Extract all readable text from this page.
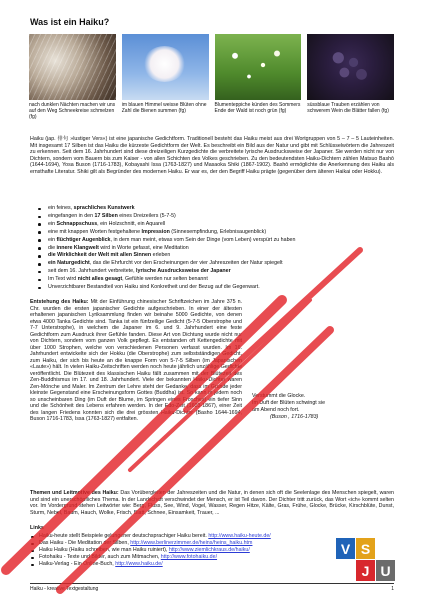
Was ist ein Haiku?
nach dunklen Nächten machen wir uns auf den Weg Schneekreise schmelzen (fg)
im blauen Himmel weisse Blüten ohne Zahl die Bienen summen (fg)
Blumenteppiche künden des Sommers Ende der Wald ist noch grün (fg)
süssblaue Trauben erzählen von schwerem Wein die Blätter fallen (fg)
Haiku (jap. 俳句 »lustiger Vers«) ist eine japanische Gedichtform. Traditionell besteht das Haiku meist aus drei Wortgruppen von 5 – 7 – 5 Lauteinheiten. Mit insgesamt 17 Silben ist das Haiku die kürzeste Gedichtform der Welt. Es beschreibt ein Bild aus der Natur und gibt mit Schlüsselwörtern die Jahreszeit zu erkennen. Seit dem 16. Jahrhundert sind diese dreizeiligen Kurzgedichte die verbreitete lyrische Ausdrucksweise der Japaner. Sie werden nicht nur von Dichtern, sondern vom Bauern bis zum Kaiser - von allen Schichten des Volkes geschrieben. Zu den bedeutendsten Haiku-Dichtern zählen Matsuo Bashō (1644-1694), Yosa Buson (1716-1783), Kobayashi Issa (1763-1827) und Masaoka Shiki (1867-1902). Bashō ermöglichte die Anerkennung des Haiku als ernsthafte Literatur. Shiki gilt als Begründer des modernen Haiku. Er war es, der den Begriff Haiku prägte (gegenüber dem älteren Haikai oder Hokku).
ein feines, sprachliches Kunstwerk
eingefangen in den 17 Silben eines Dreizeilers (5-7-5)
ein Schnappschuss, ein Holzschnitt, ein Aquarell
eine mit knappen Worten festgehaltene Impression (Sinnesempfindung, Erlebnisaugenblick)
ein flüchtiger Augenblick, in dem man meint, etwas vom Sein der Dinge (vom Leben) verspürt zu haben
die innere Klangwelt wird in Worte gefasst, eine Meditation
die Wirklichkeit der Welt mit allen Sinnen erleben
ein Naturgedicht, das die Ehrfurcht vor den Erscheinungen der vier Jahreszeiten der Natur spiegelt
seit dem 16. Jahrhundert verbreitete, lyrische Ausdrucksweise der Japaner
Im Text wird nicht alles gesagt, Gefühle werden nur selten benannt
Unverzichtbarer Bestandteil von Haiku sind Konkretheit und der Bezug auf die Gegenwart.
Entstehung des Haiku: Mit der Einführung chinesischer Schriftzeichen im Jahre 375 n. Chr. wurden die ersten japanischer Gedichte aufgeschrieben. In einer der ältesten erhaltenen japanischen Lyriksammlung finden wir beinahe 5000 Gedichte, von denen etwa 4000 Tanka Gedichte sind. Tanka ist ein fünfzeilige Gedicht (5-7-5 Oberstrophe und 7-7 Unterstrophe), in welchem die Japaner im 6. und 9. Jahrhundert eine feste Gedichtform zum Ausdruck ihrer Gefühle fanden. Diese Art von Dichtung wurde nicht nur von Dichtern, sondern vom ganzen Volk gepflegt. Es entstanden oft Kettengedichte mit über 1000 Strophen, welche von verschiedenen Personen verfasst wurden. Im 16. Jahrhundert entwickelte sich der Hokku (die Oberstrophe) zum selbstständigen Gedicht, zum Haiku, der sich bis heute an die knappe Form von 5-7-5 Silben (im Japanischen «Laute») hält. In vielen Haiku-Zeitschriften werden noch heute jährlich unzählige Gedichte veröffentlicht. Die Blütezeit des klassischen Haiku fällt zusammen mit der Blütezeit des Zen-Buddhismus im 17. und 18. Jahrhundert. Viele der bekannten Haiku-Dichter waren Zen-Mönche und Maler. Im Zentrum der Lehre steht der Gedanke, dass im Grunde jeder kleinste Gegenstand eine Erscheinungsform Gottes (Buddha) ist. So kann in jedem noch so unscheinbaren Ding (im Duft der Blume, im Springen eines Frosches) ein tiefer Sinn und die Schönheit des Lebens erfahren werden. In der Edo-Zeit (1603-1867), einer Zeit des langen Friedens konnten sich die drei grössten Haiku-Dichter (Basho 1644-1694, Buson 1716-1783, Issa (1763-1827) entfalten.
Verstummt die Glocke.
Im Duft der Blüten schwingt sie
am Abend noch fort.
(Buson , 1716-1783)
Themen und Leitmotive des Haiku: Das Vorübergleiten der Jahreszeiten und die Natur, in denen sich oft die Seelenlage des Menschen spiegelt, waren und sind ein unerschöpfliches Thema. In der Landschaft verschwindet der Mensch, er ist Teil davon. Der Dichter tritt zurück, das Wort «ich» kommt selten vor. Im Vordergrund stehen Leitwörter wie: Berg, Fluss, See, Wind, Vogel, Wasser, Regen Hitze, Kälte, Gras, Frühe, Glocke, Brücke, Kirschblüte, Dunst, Sturm, Nebel, Baum, Hauch, Wolke, Frisch, Blatt, Schnee, Einsamkeit, Trauer, ...
Links
Haiku-heute stellt Beispiele gelungener deutschsprachiger Haiku bereit. http://www.haiku-heute.de/
Das Haiku - Die Meditation der Silben, http://www.berlinerzimmer.de/heins/heins_haiku.htm
Haiku Haiku (Haiku schreiben, wie man Haiku ruiniert), http://www.ziemlichkraus.de/haiku/
Fotohaiku - Texte und Bilder, auch zum Mitmachen, http://www.fotohaiku.de/
Haiku-Verlag - Ein Online-Buch, http://www.haiku.de/
V S
J U
Haiku - kreative Textgestaltung	1
